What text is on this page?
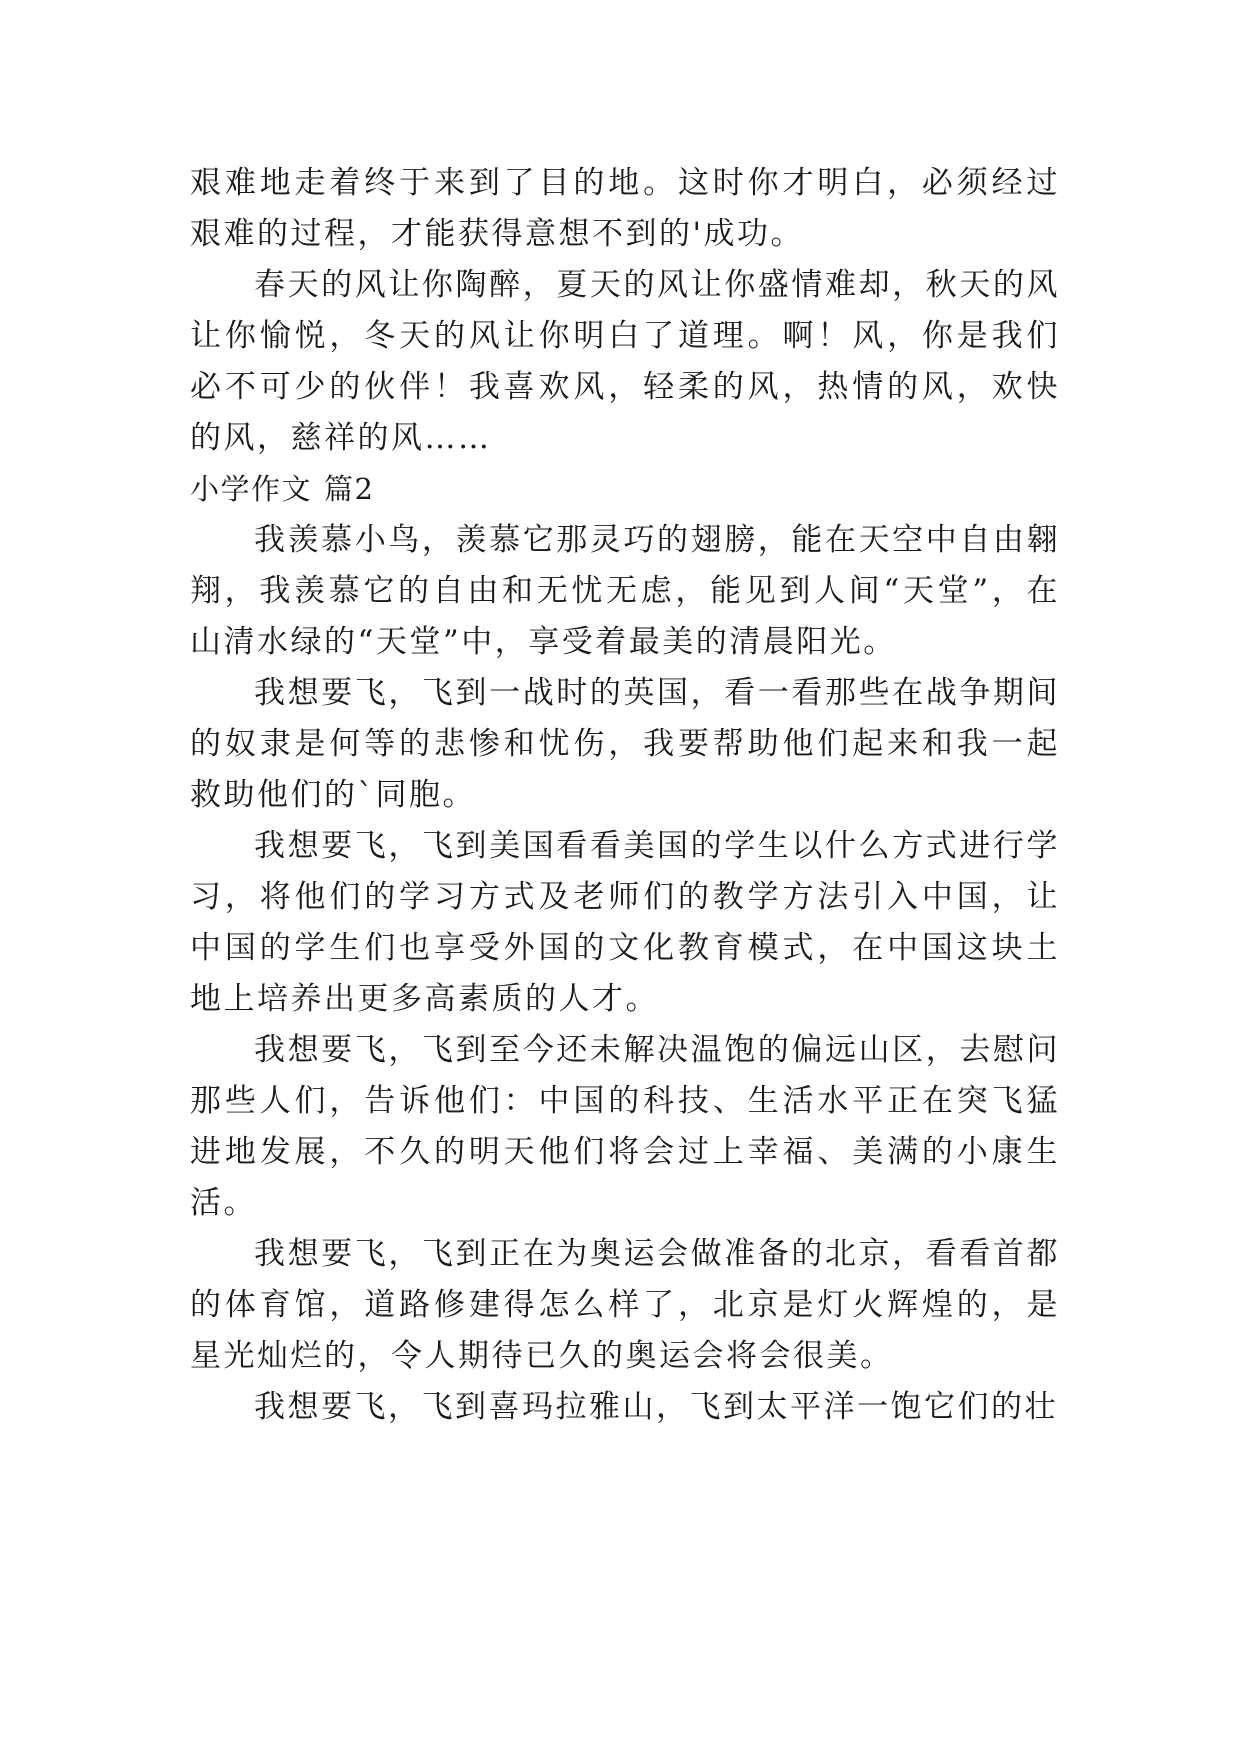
艰难地走着终于来到了目的地。这时你才明白，必须经过艰难的过程，才能获得意想不到的'成功。

春天的风让你陶醉，夏天的风让你盛情难却，秋天的风让你愉悦，冬天的风让你明白了道理。啊！风，你是我们必不可少的伙伴！我喜欢风，轻柔的风，热情的风，欢快的风，慈祥的风……

小学作文 篇2

我羡慕小鸟，羡慕它那灵巧的翅膀，能在天空中自由翱翔，我羡慕它的自由和无忧无虑，能见到人间“天堂”，在山清水绿的“天堂”中，享受着最美的清晨阳光。

我想要飞，飞到一战时的英国，看一看那些在战争期间的奴隶是何等的悲惨和忧伤，我要帮助他们起来和我一起救助他们的`同胞。

我想要飞，飞到美国看看美国的学生以什么方式进行学习，将他们的学习方式及老师们的教学方法引入中国，让中国的学生们也享受外国的文化教育模式，在中国这块土地上培养出更多高素质的人才。

我想要飞，飞到至今还未解决温饱的偏远山区，去慰问那些人们，告诉他们：中国的科技、生活水平正在突飞猛进地发展，不久的明天他们将会过上幸福、美满的小康生活。

我想要飞，飞到正在为奥运会做准备的北京，看看首都的体育馆，道路修建得怎么样了，北京是灯火辉煌的，是星光灿烂的，令人期待已久的奥运会将会很美。

我想要飞，飞到喜玛拉雅山，飞到太平洋一饱它们的壮
